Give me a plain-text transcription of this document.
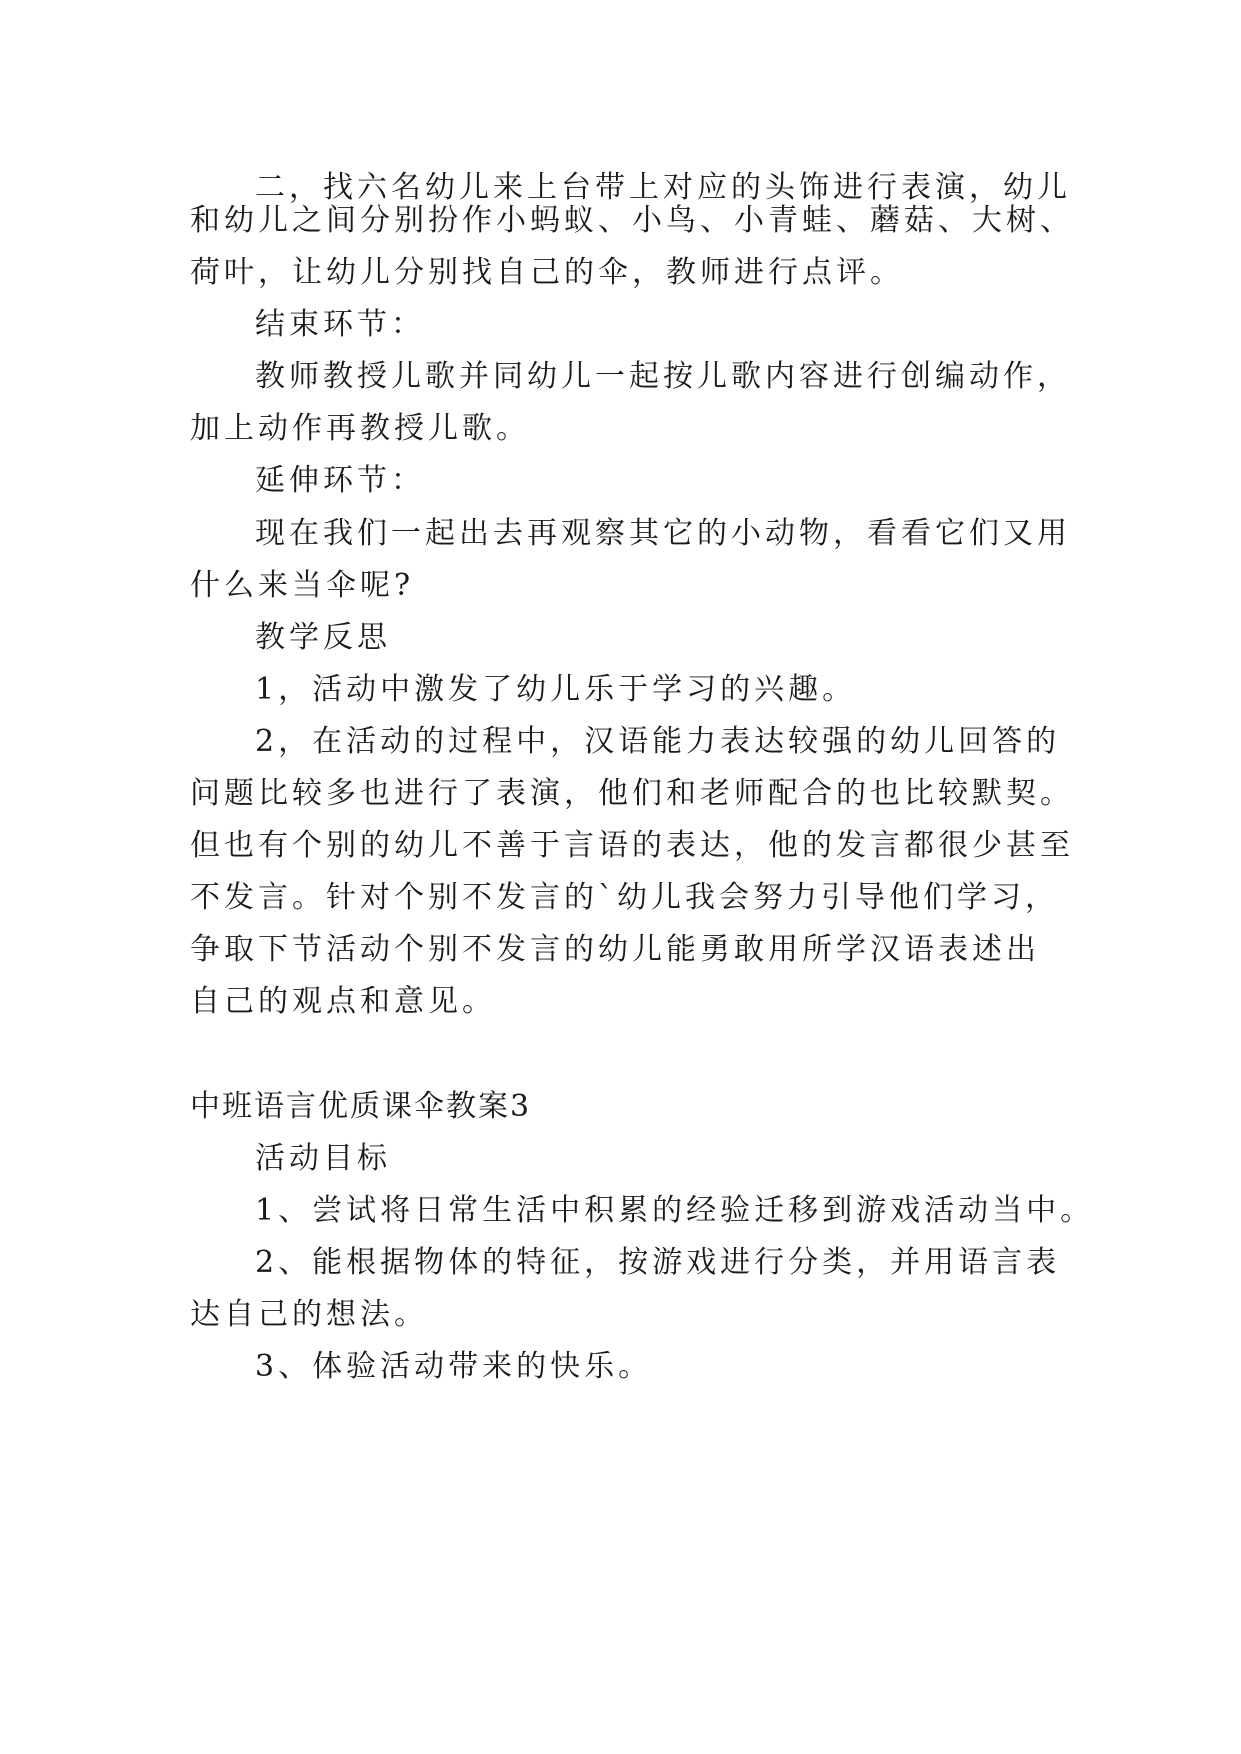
二，找六名幼儿来上台带上对应的头饰进行表演，幼儿
和幼儿之间分别扮作小蚂蚁、小鸟、小青蛙、蘑菇、大树、
荷叶，让幼儿分别找自己的伞，教师进行点评。
结束环节：
教师教授儿歌并同幼儿一起按儿歌内容进行创编动作，
加上动作再教授儿歌。
延伸环节：
现在我们一起出去再观察其它的小动物，看看它们又用
什么来当伞呢?
教学反思
1，活动中激发了幼儿乐于学习的兴趣。
2，在活动的过程中，汉语能力表达较强的幼儿回答的
问题比较多也进行了表演，他们和老师配合的也比较默契。
但也有个别的幼儿不善于言语的表达，他的发言都很少甚至
不发言。针对个别不发言的`幼儿我会努力引导他们学习，
争取下节活动个别不发言的幼儿能勇敢用所学汉语表述出
自己的观点和意见。
中班语言优质课伞教案3
活动目标
1、尝试将日常生活中积累的经验迁移到游戏活动当中。
2、能根据物体的特征，按游戏进行分类，并用语言表
达自己的想法。
3、体验活动带来的快乐。
